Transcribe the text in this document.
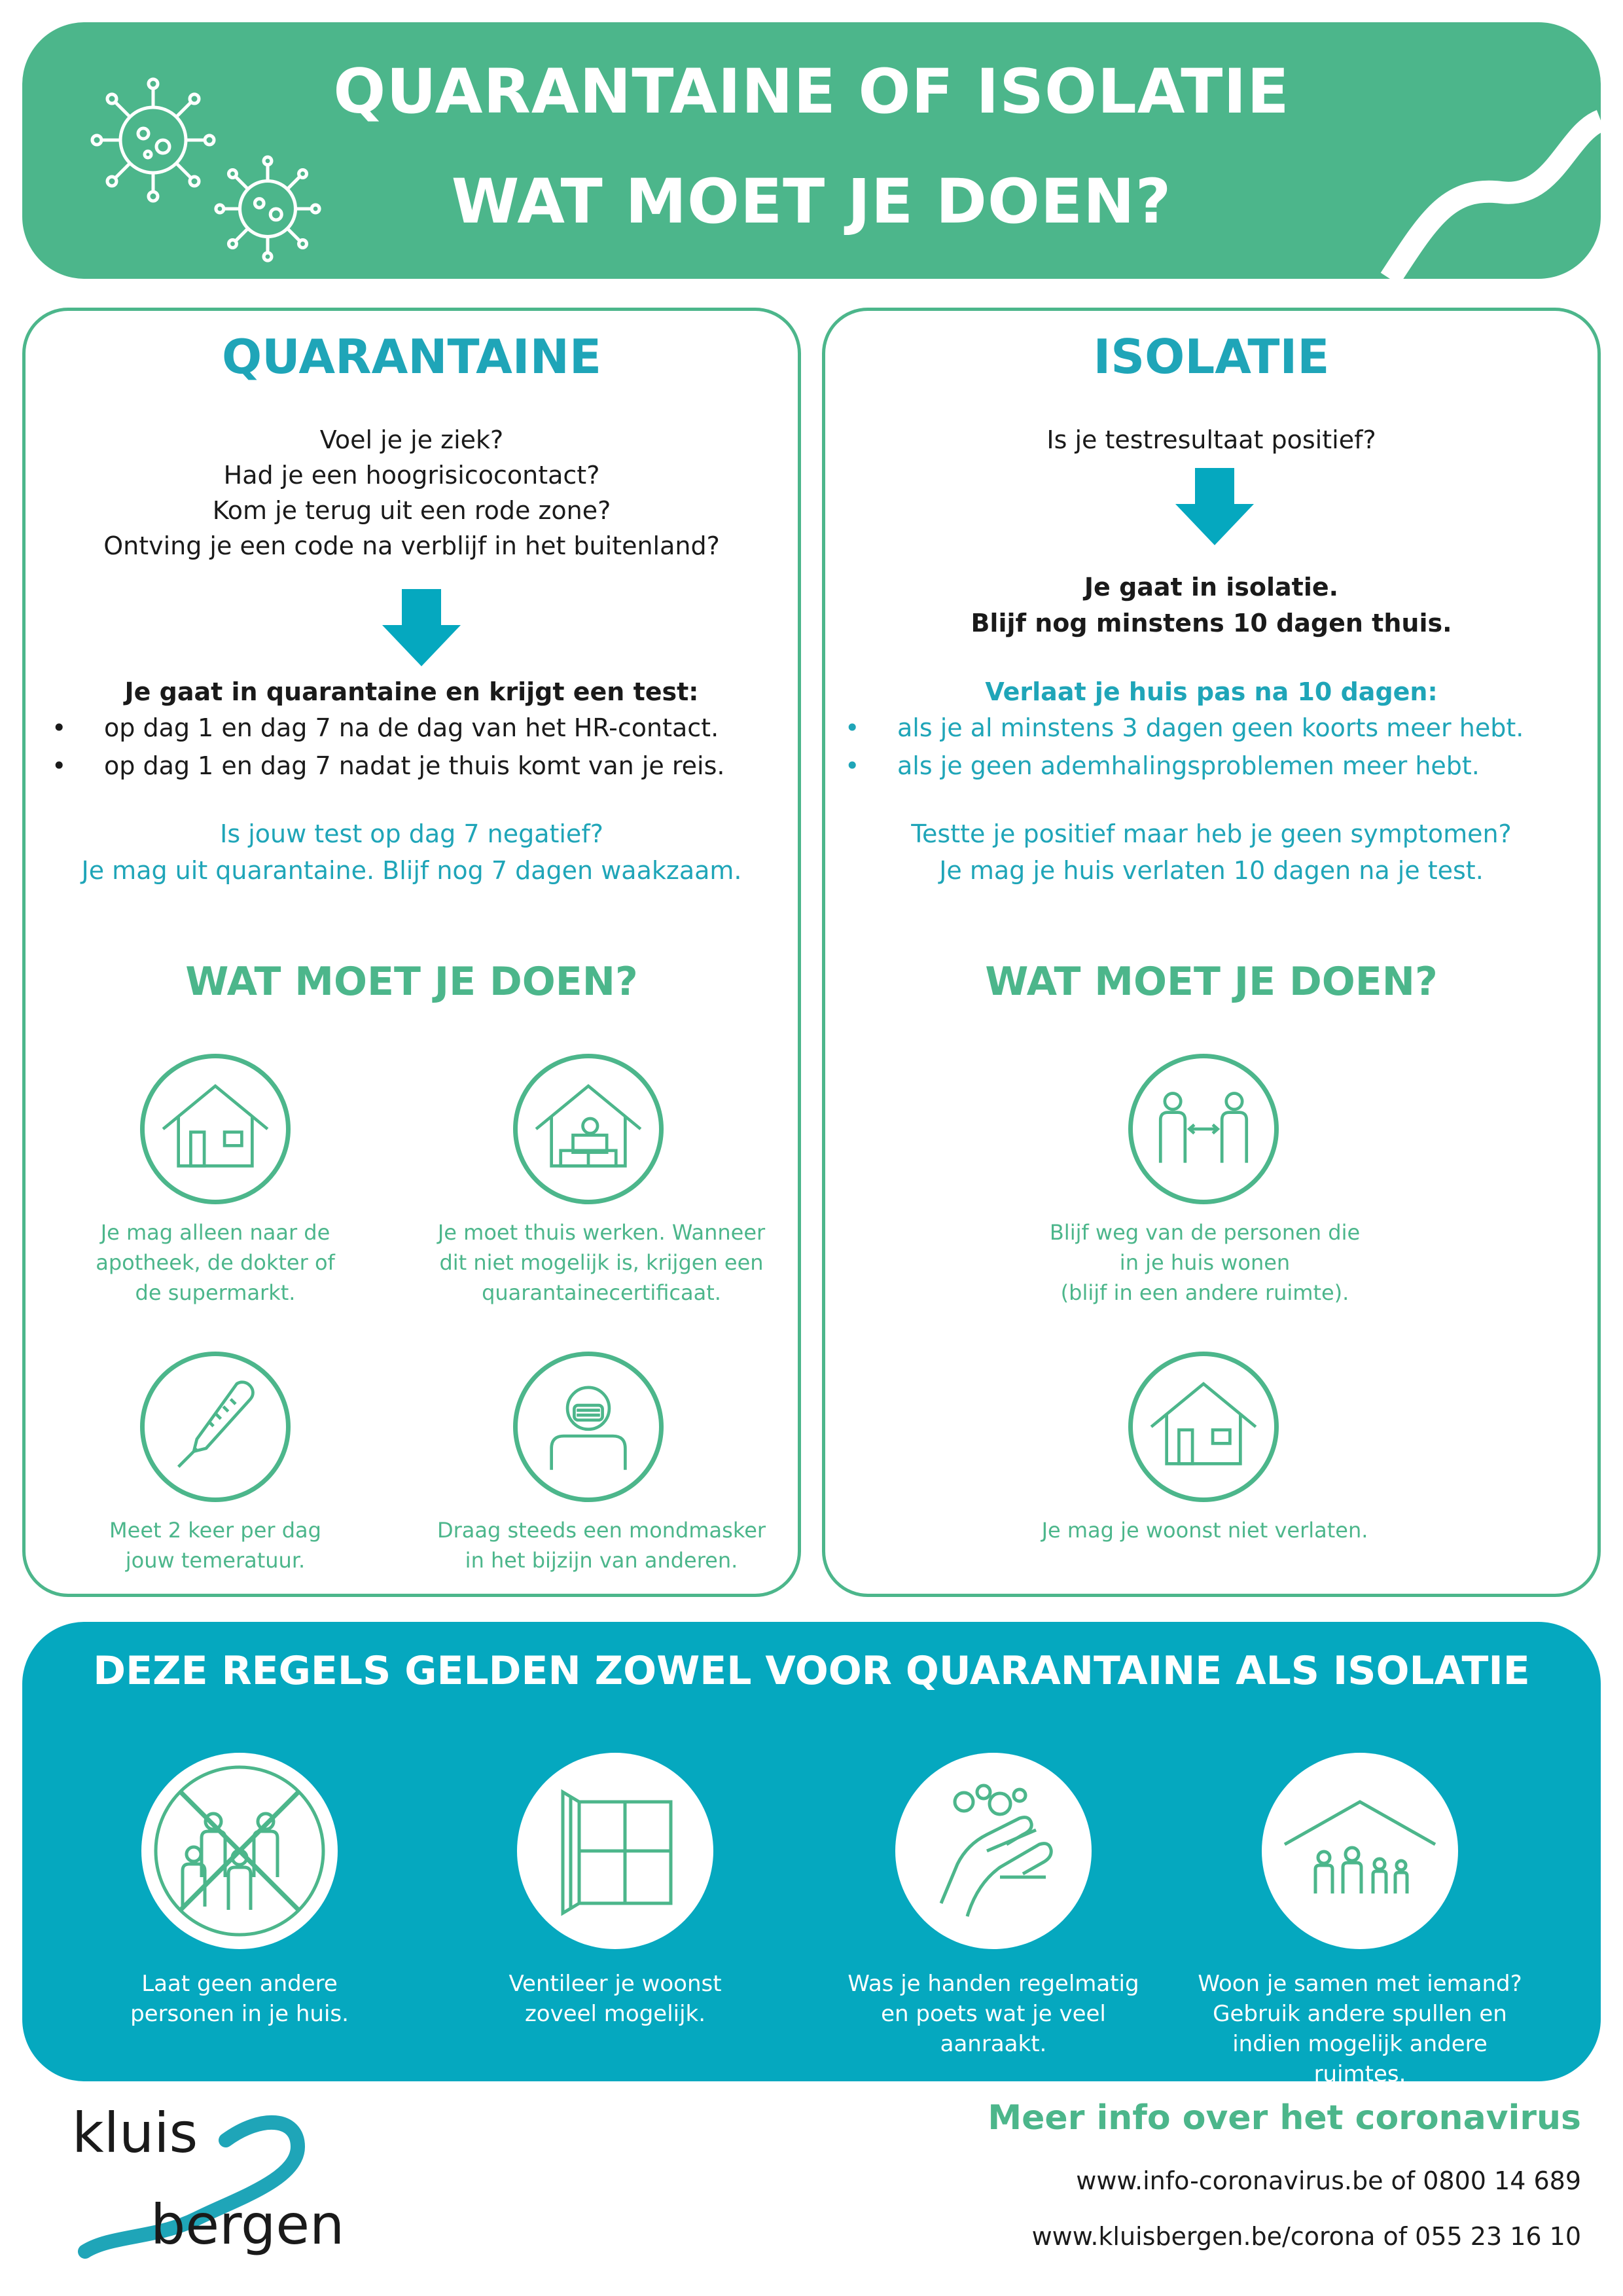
QUARANTAINE OF ISOLATIE
WAT MOET JE DOEN?
QUARANTAINE
Voel je je ziek?
Had je een hoogrisicocontact?
Kom je terug uit een rode zone?
Ontving je een code na verblijf in het buitenland?
Je gaat in quarantaine en krijgt een test:
• op dag 1 en dag 7 na de dag van het HR-contact.
• op dag 1 en dag 7 nadat je thuis komt van je reis.
Is jouw test op dag 7 negatief?
Je mag uit quarantaine. Blijf nog 7 dagen waakzaam.
WAT MOET JE DOEN?
Je mag alleen naar de
apotheek, de dokter of
de supermarkt.
Je moet thuis werken. Wanneer
dit niet mogelijk is, krijgen een
quarantainecertificaat.
Meet 2 keer per dag
jouw temeratuur.
Draag steeds een mondmasker
in het bijzijn van anderen.
ISOLATIE
Is je testresultaat positief?
Je gaat in isolatie.
Blijf nog minstens 10 dagen thuis.
Verlaat je huis pas na 10 dagen:
• als je al minstens 3 dagen geen koorts meer hebt.
• als je geen ademhalingsproblemen meer hebt.
Testte je positief maar heb je geen symptomen?
Je mag je huis verlaten 10 dagen na je test.
WAT MOET JE DOEN?
Blijf weg van de personen die
in je huis wonen
(blijf in een andere ruimte).
Je mag je woonst niet verlaten.
DEZE REGELS GELDEN ZOWEL VOOR QUARANTAINE ALS ISOLATIE
Laat geen andere
personen in je huis.
Ventileer je woonst
zoveel mogelijk.
Was je handen regelmatig
en poets wat je veel
aanraakt.
Woon je samen met iemand?
Gebruik andere spullen en
indien mogelijk andere ruimtes.
kluis
bergen
Meer info over het coronavirus
www.info-coronavirus.be of 0800 14 689
www.kluisbergen.be/corona of 055 23 16 10
